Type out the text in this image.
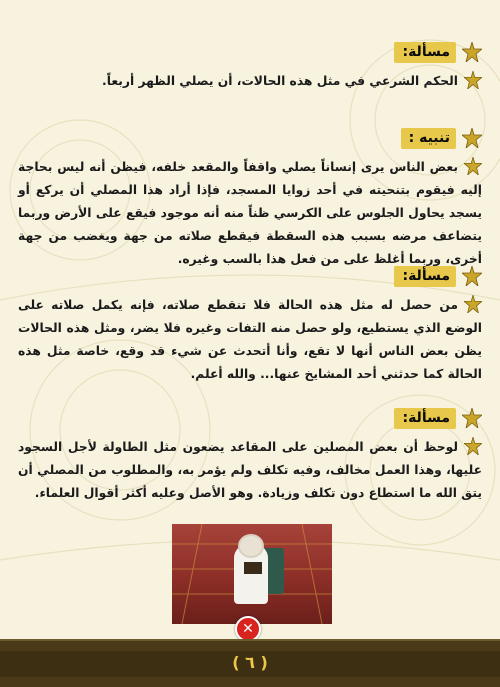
مسألة:
الحكم الشرعي في مثل هذه الحالات، أن يصلي الظهر أربعاً.
تنبيه :
بعض الناس يرى إنساناً يصلي واقفاً والمقعد خلفه، فيظن أنه ليس بحاجة إليه فيقوم بتنحيته في أحد زوايا المسجد، فإذا أراد هذا المصلي أن يركع أو يسجد يحاول الجلوس على الكرسي ظناً منه أنه موجود فيقع على الأرض وربما يتضاعف مرضه بسبب هذه السقطة فيقطع صلاته من جهة ويغضب من جهة أخرى، وربما أغلظ على من فعل هذا بالسب وغيره.
مسألة:
من حصل له مثل هذه الحالة فلا تنقطع صلاته، فإنه يكمل صلاته على الوضع الذي يستطيع، ولو حصل منه التفات وغيره فلا يضر، ومثل هذه الحالات يظن بعض الناس أنها لا تقع، وأنا أتحدث عن شيء قد وقع، خاصة مثل هذه الحالة كما حدثني أحد المشايخ عنها... والله أعلم.
مسألة:
لوحظ أن بعض المصلين على المقاعد يضعون مثل الطاولة لأجل السجود عليها، وهذا العمل مخالف، وفيه تكلف ولم يؤمر به، والمطلوب من المصلي أن يتق الله ما استطاع دون تكلف وزيادة. وهو الأصل وعليه أكثر أقوال العلماء.
✕
( ٦ )
